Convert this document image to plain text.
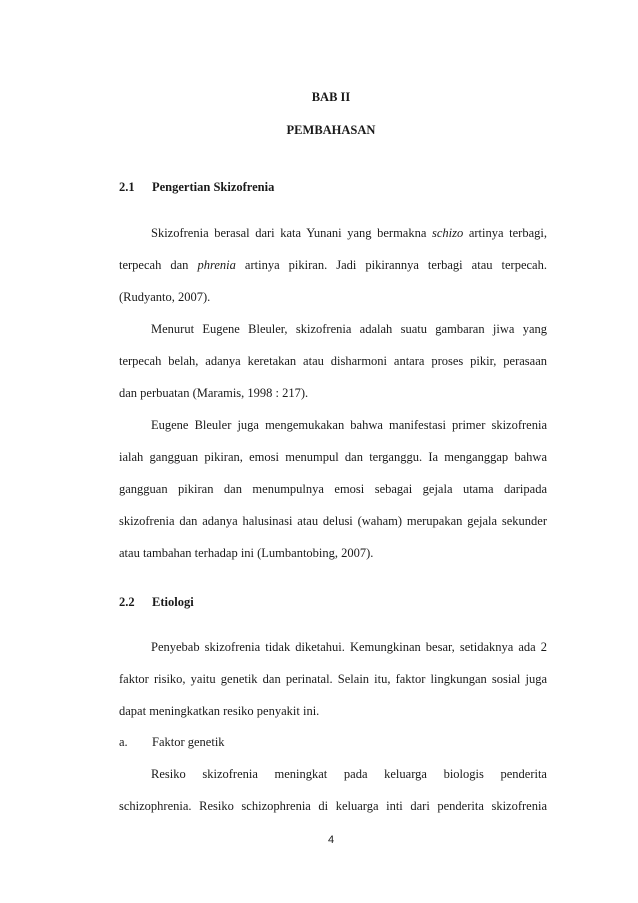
BAB II
PEMBAHASAN
2.1 Pengertian Skizofrenia
Skizofrenia berasal dari kata Yunani yang bermakna schizo artinya terbagi,
terpecah dan phrenia artinya pikiran. Jadi pikirannya terbagi atau terpecah.
(Rudyanto, 2007).
Menurut Eugene Bleuler, skizofrenia adalah suatu gambaran jiwa yang
terpecah belah, adanya keretakan atau disharmoni antara proses pikir, perasaan
dan perbuatan (Maramis, 1998 : 217).
Eugene Bleuler juga mengemukakan bahwa manifestasi primer skizofrenia
ialah gangguan pikiran, emosi menumpul dan terganggu. Ia menganggap bahwa
gangguan pikiran dan menumpulnya emosi sebagai gejala utama daripada
skizofrenia dan adanya halusinasi atau delusi (waham) merupakan gejala sekunder
atau tambahan terhadap ini (Lumbantobing, 2007).
2.2 Etiologi
Penyebab skizofrenia tidak diketahui. Kemungkinan besar, setidaknya ada 2
faktor risiko, yaitu genetik dan perinatal. Selain itu, faktor lingkungan sosial juga
dapat meningkatkan resiko penyakit ini.
a. Faktor genetik
Resiko skizofrenia meningkat pada keluarga biologis penderita
schizophrenia. Resiko schizophrenia di keluarga inti dari penderita skizofrenia
4
